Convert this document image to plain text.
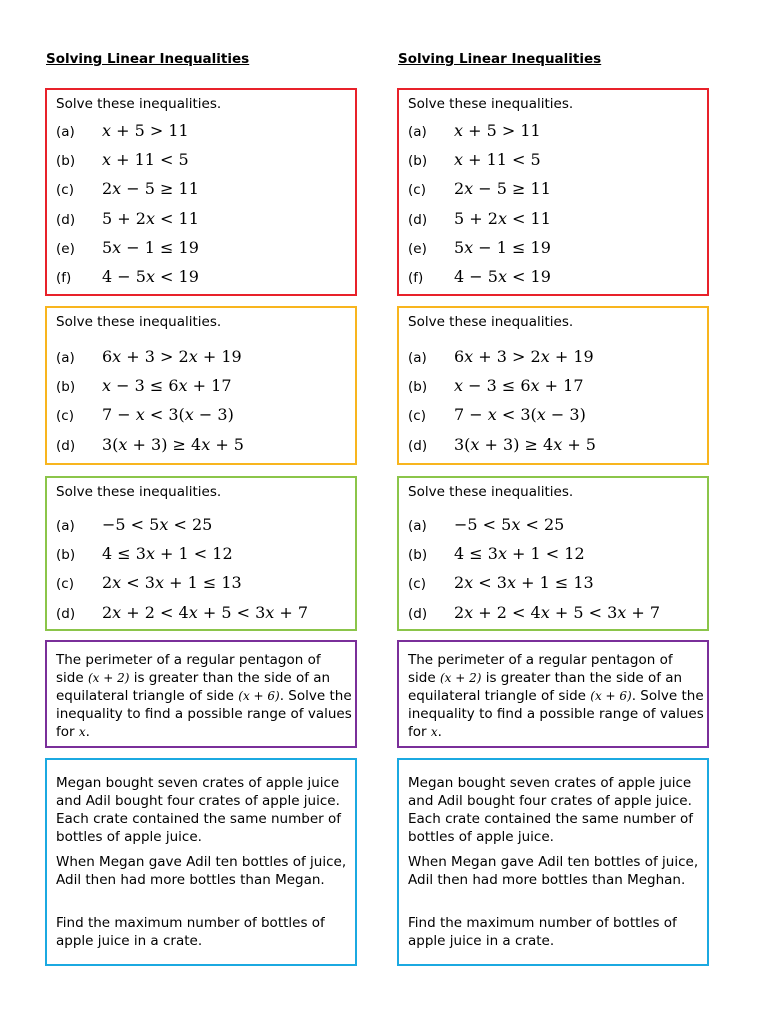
Solving Linear Inequalities
Solve these inequalities.
(a) 𝑥 + 5 > 11
(b) 𝑥 + 11 < 5
(c) 2𝑥 − 5 ≥ 11
(d) 5 + 2𝑥 < 11
(e) 5𝑥 − 1 ≤ 19
(f) 4 − 5𝑥 < 19
Solve these inequalities.
(a) 6𝑥 + 3 > 2𝑥 + 19
(b) 𝑥 − 3 ≤ 6𝑥 + 17
(c) 7 − 𝑥 < 3(𝑥 − 3)
(d) 3(𝑥 + 3) ≥ 4𝑥 + 5
Solve these inequalities.
(a) −5 < 5𝑥 < 25
(b) 4 ≤ 3𝑥 + 1 < 12
(c) 2𝑥 < 3𝑥 + 1 ≤ 13
(d) 2𝑥 + 2 < 4𝑥 + 5 < 3𝑥 + 7

The perimeter of a regular pentagon of side (𝑥 + 2) is greater than the side of an equilateral triangle of side (𝑥 + 6). Solve the inequality to find a possible range of values for 𝑥.

Megan bought seven crates of apple juice and Adil bought four crates of apple juice. Each crate contained the same number of bottles of apple juice.

When Megan gave Adil ten bottles of juice, Adil then had more bottles than Megan.

Find the maximum number of bottles of apple juice in a crate.

Solving Linear Inequalities
Solve these inequalities.
(a) 𝑥 + 5 > 11
(b) 𝑥 + 11 < 5
(c) 2𝑥 − 5 ≥ 11
(d) 5 + 2𝑥 < 11
(e) 5𝑥 − 1 ≤ 19
(f) 4 − 5𝑥 < 19
Solve these inequalities.
(a) 6𝑥 + 3 > 2𝑥 + 19
(b) 𝑥 − 3 ≤ 6𝑥 + 17
(c) 7 − 𝑥 < 3(𝑥 − 3)
(d) 3(𝑥 + 3) ≥ 4𝑥 + 5
Solve these inequalities.
(a) −5 < 5𝑥 < 25
(b) 4 ≤ 3𝑥 + 1 < 12
(c) 2𝑥 < 3𝑥 + 1 ≤ 13
(d) 2𝑥 + 2 < 4𝑥 + 5 < 3𝑥 + 7

The perimeter of a regular pentagon of side (𝑥 + 2) is greater than the side of an equilateral triangle of side (𝑥 + 6). Solve the inequality to find a possible range of values for 𝑥.

Megan bought seven crates of apple juice and Adil bought four crates of apple juice. Each crate contained the same number of bottles of apple juice.

When Megan gave Adil ten bottles of juice, Adil then had more bottles than Meghan.

Find the maximum number of bottles of apple juice in a crate.
